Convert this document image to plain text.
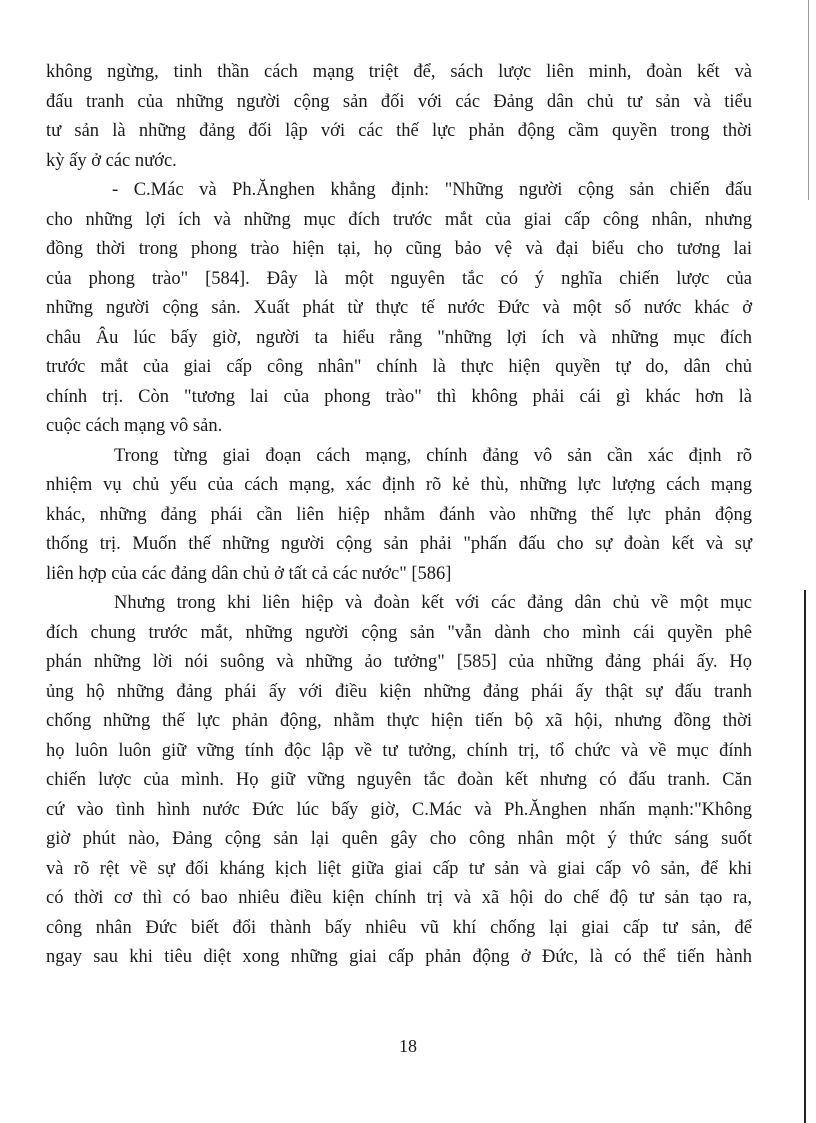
không ngừng, tinh thần cách mạng triệt để, sách lược liên minh, đoàn kết và
đấu tranh của những người cộng sản đối với các Đảng dân chủ tư sản và tiểu
tư sản là những đảng đối lập với các thế lực phản động cầm quyền trong thời
kỳ ấy ở các nước.
- C.Mác và Ph.Ănghen khẳng định: "Những người cộng sản chiến đấu
cho những lợi ích và những mục đích trước mắt của giai cấp công nhân, nhưng
đồng thời trong phong trào hiện tại, họ cũng bảo vệ và đại biểu cho tương lai
của phong trào" [584]. Đây là một nguyên tắc có ý nghĩa chiến lược của
những người cộng sản. Xuất phát từ thực tế nước Đức và một số nước khác ở
châu Âu lúc bấy giờ, người ta hiểu rằng "những lợi ích và những mục đích
trước mắt của giai cấp công nhân" chính là thực hiện quyền tự do, dân chủ
chính trị. Còn "tương lai của phong trào" thì không phải cái gì khác hơn là
cuộc cách mạng vô sản.
Trong từng giai đoạn cách mạng, chính đảng vô sản cần xác định rõ
nhiệm vụ chủ yếu của cách mạng, xác định rõ kẻ thù, những lực lượng cách mạng
khác, những đảng phái cần liên hiệp nhằm đánh vào những thế lực phản động
thống trị. Muốn thế những người cộng sản phải "phấn đấu cho sự đoàn kết và sự
liên hợp của các đảng dân chủ ở tất cả các nước" [586]
Nhưng trong khi liên hiệp và đoàn kết với các đảng dân chủ về một mục
đích chung trước mắt, những người cộng sản "vẫn dành cho mình cái quyền phê
phán những lời nói suông và những ảo tưởng" [585] của những đảng phái ấy. Họ
ủng hộ những đảng phái ấy với điều kiện những đảng phái ấy thật sự đấu tranh
chống những thế lực phản động, nhằm thực hiện tiến bộ xã hội, nhưng đồng thời
họ luôn luôn giữ vững tính độc lập về tư tưởng, chính trị, tổ chức và về mục đính
chiến lược của mình. Họ giữ vững nguyên tắc đoàn kết nhưng có đấu tranh. Căn
cứ vào tình hình nước Đức lúc bấy giờ, C.Mác và Ph.Ănghen nhấn mạnh:"Không
giờ phút nào, Đảng cộng sản lại quên gây cho công nhân một ý thức sáng suốt
và rõ rệt về sự đối kháng kịch liệt giữa giai cấp tư sản và giai cấp vô sản, để khi
có thời cơ thì có bao nhiêu điều kiện chính trị và xã hội do chế độ tư sản tạo ra,
công nhân Đức biết đổi thành bấy nhiêu vũ khí chống lại giai cấp tư sản, để
ngay sau khi tiêu diệt xong những giai cấp phản động ở Đức, là có thể tiến hành
18
